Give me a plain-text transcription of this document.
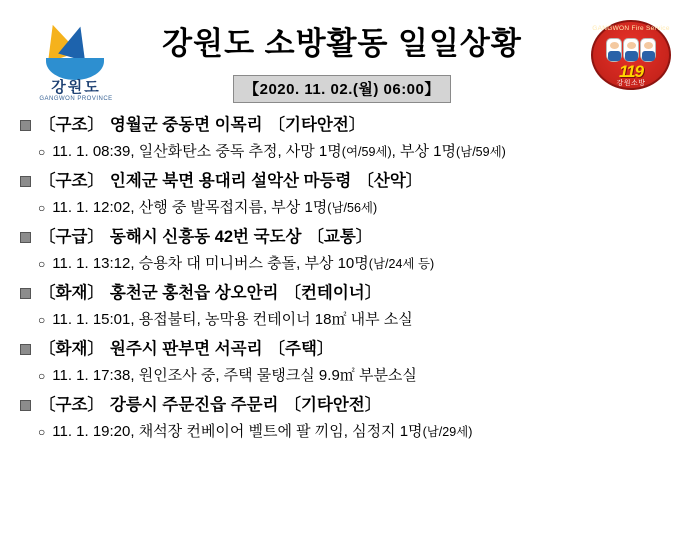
강원도
GANGWON PROVINCE
강원도 소방활동 일일상황
【2020. 11. 02.(월) 06:00】
GANGWON Fire Service
119
강원소방
〔구조〕 영월군 중동면 이목리 〔기타안전〕
○ 11. 1. 08:39, 일산화탄소 중독 추정, 사망 1명(여/59세), 부상 1명(남/59세)
〔구조〕 인제군 북면 용대리 설악산 마등령 〔산악〕
○ 11. 1. 12:02, 산행 중 발목접지름, 부상 1명(남/56세)
〔구급〕 동해시 신흥동 42번 국도상 〔교통〕
○ 11. 1. 13:12, 승용차 대 미니버스 충돌, 부상 10명(남/24세 등)
〔화재〕 홍천군 홍천읍 상오안리 〔컨테이너〕
○ 11. 1. 15:01, 용접불티, 농막용 컨테이너 18㎡ 내부 소실
〔화재〕 원주시 판부면 서곡리 〔주택〕
○ 11. 1. 17:38, 원인조사 중, 주택 물탱크실 9.9㎡ 부분소실
〔구조〕 강릉시 주문진읍 주문리 〔기타안전〕
○ 11. 1. 19:20, 채석장 컨베이어 벨트에 팔 끼임, 심정지 1명(남/29세)
